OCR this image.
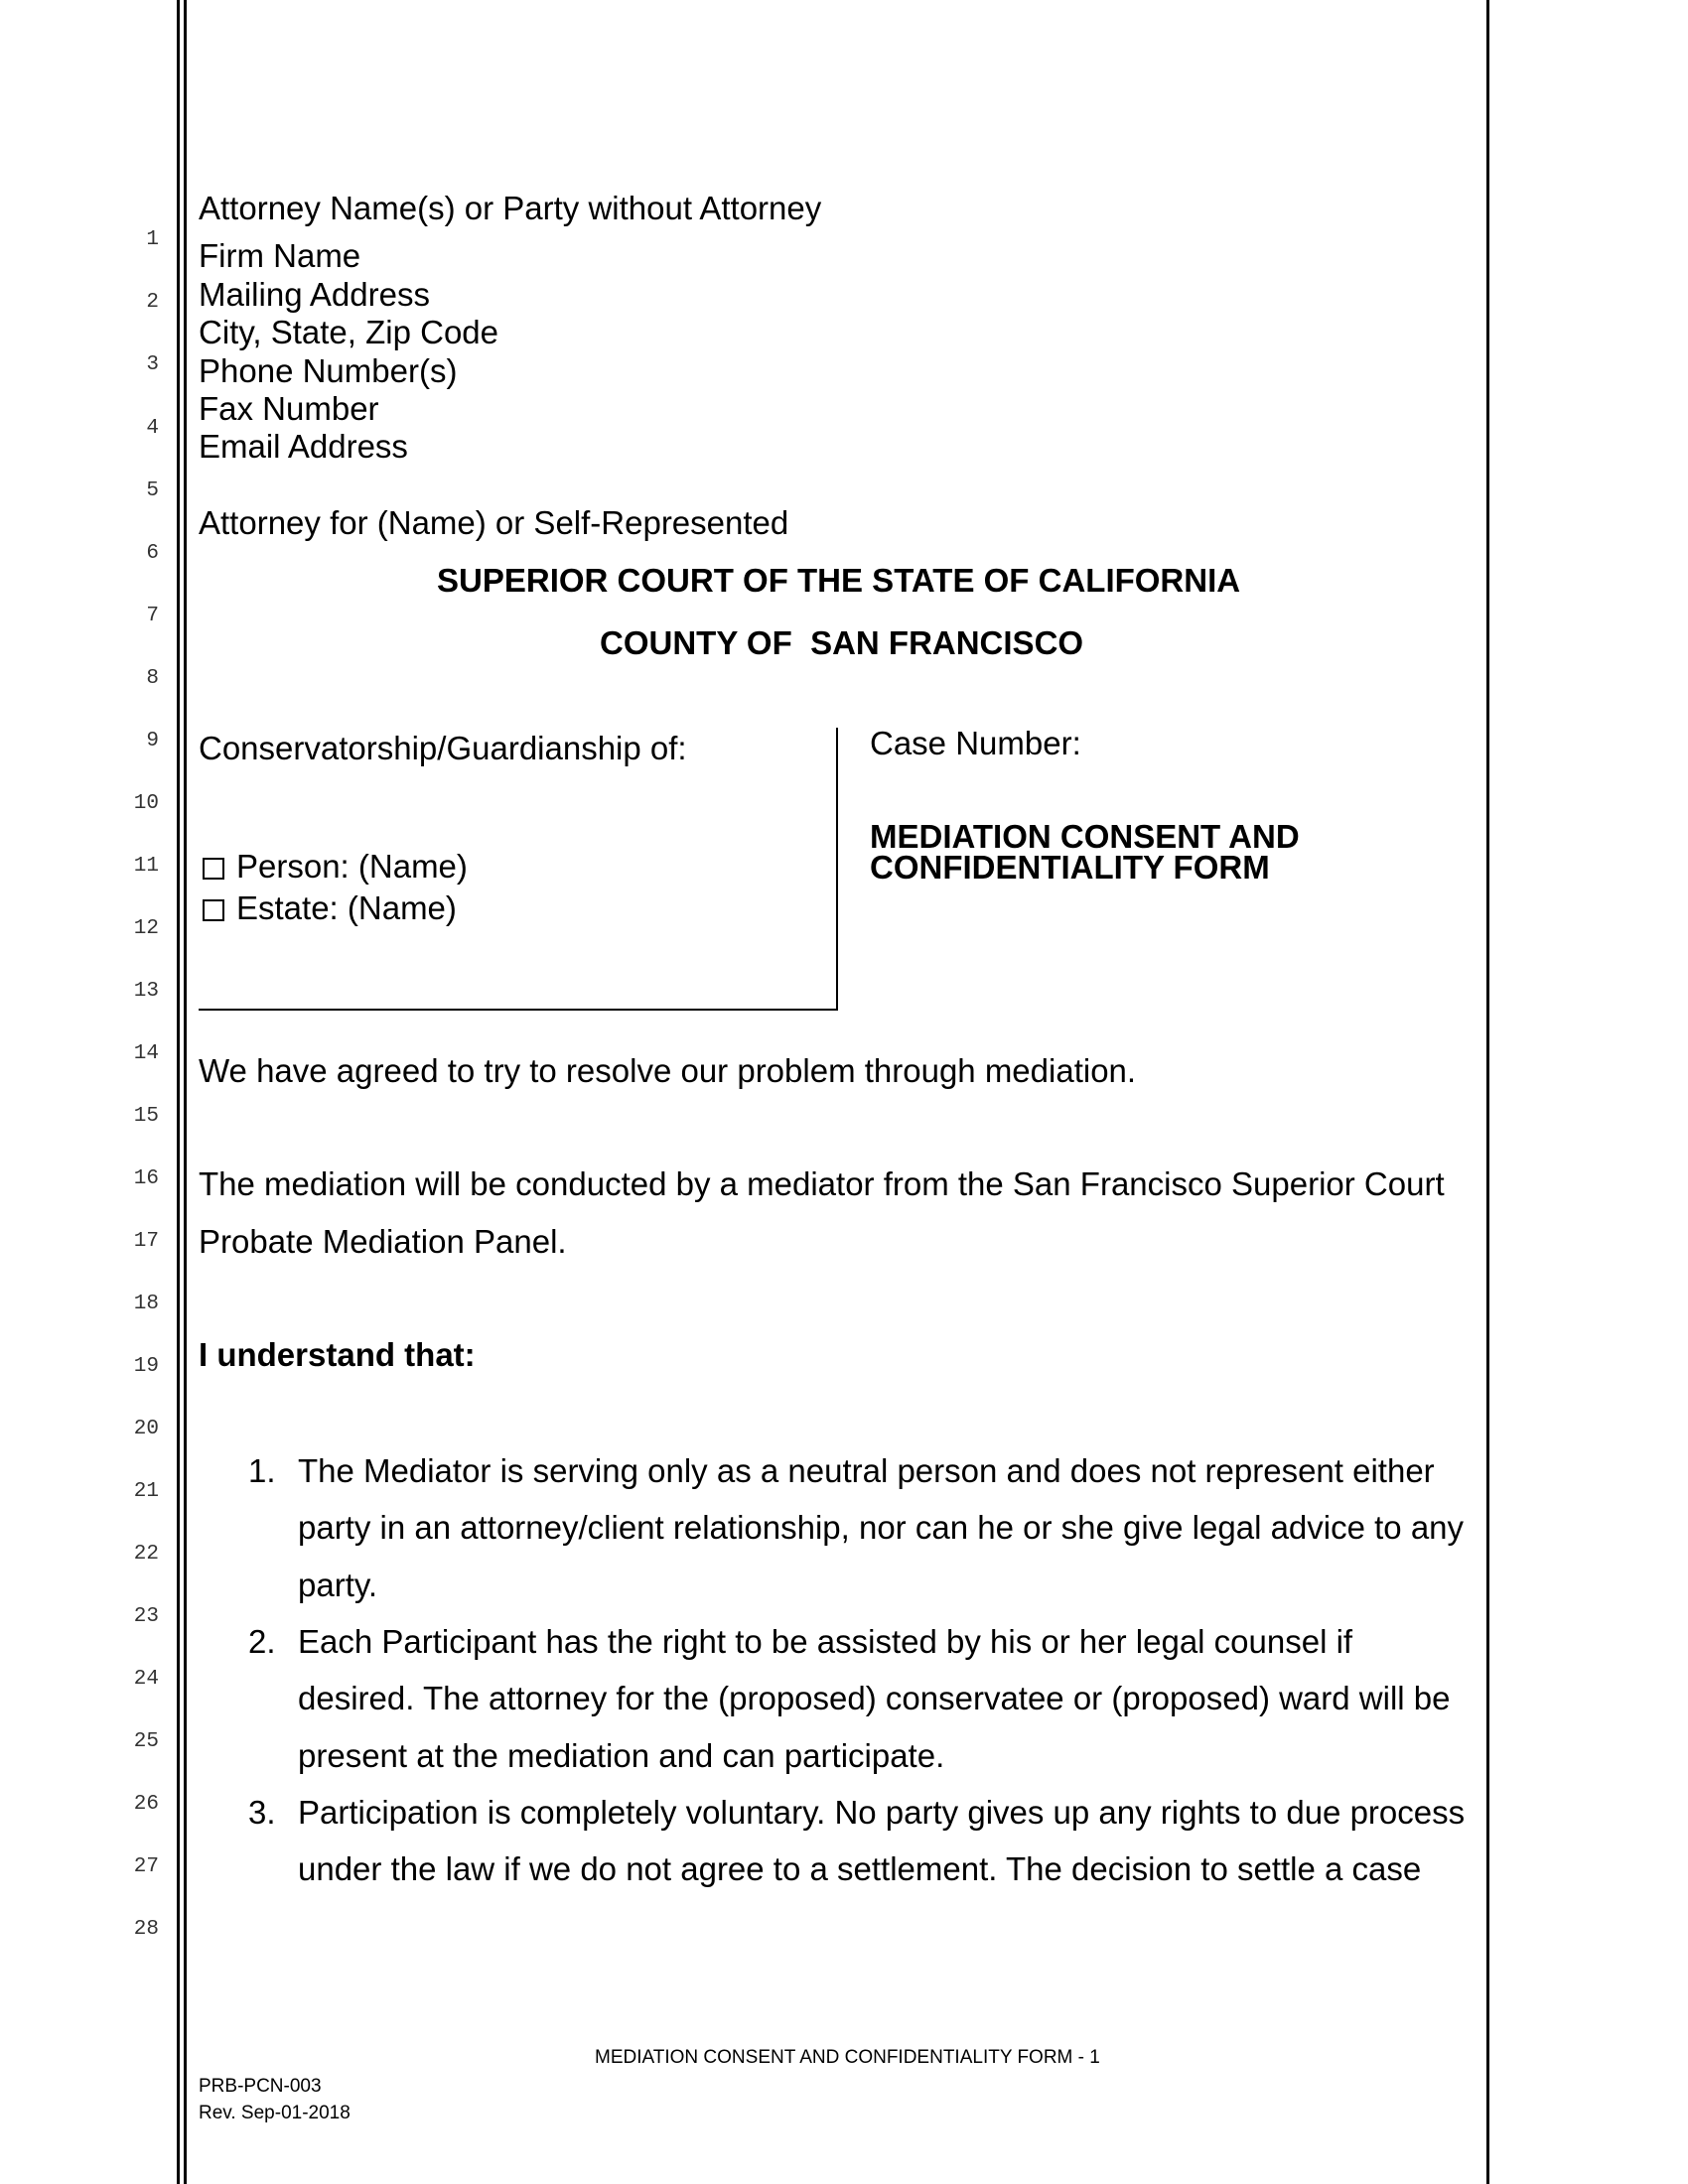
1
2
3
4
5
6
7
8
9
10
11
12
13
14
15
16
17
18
19
20
21
22
23
24
25
26
27
28
Attorney Name(s) or Party without Attorney
Firm Name
Mailing Address
City, State, Zip Code
Phone Number(s)
Fax Number
Email Address
Attorney for (Name) or Self-Represented
SUPERIOR COURT OF THE STATE OF CALIFORNIA
COUNTY OF  SAN FRANCISCO
Conservatorship/Guardianship of:
Person: (Name)
Estate: (Name)
Case Number:
MEDIATION CONSENT AND
CONFIDENTIALITY FORM
We have agreed to try to resolve our problem through mediation.
The mediation will be conducted by a mediator from the San Francisco Superior Court
Probate Mediation Panel.
I understand that:
1. The Mediator is serving only as a neutral person and does not represent either
party in an attorney/client relationship, nor can he or she give legal advice to any
party.
2. Each Participant has the right to be assisted by his or her legal counsel if
desired. The attorney for the (proposed) conservatee or (proposed) ward will be
present at the mediation and can participate.
3. Participation is completely voluntary. No party gives up any rights to due process
under the law if we do not agree to a settlement. The decision to settle a case
MEDIATION CONSENT AND CONFIDENTIALITY FORM - 1
PRB-PCN-003
Rev. Sep-01-2018
